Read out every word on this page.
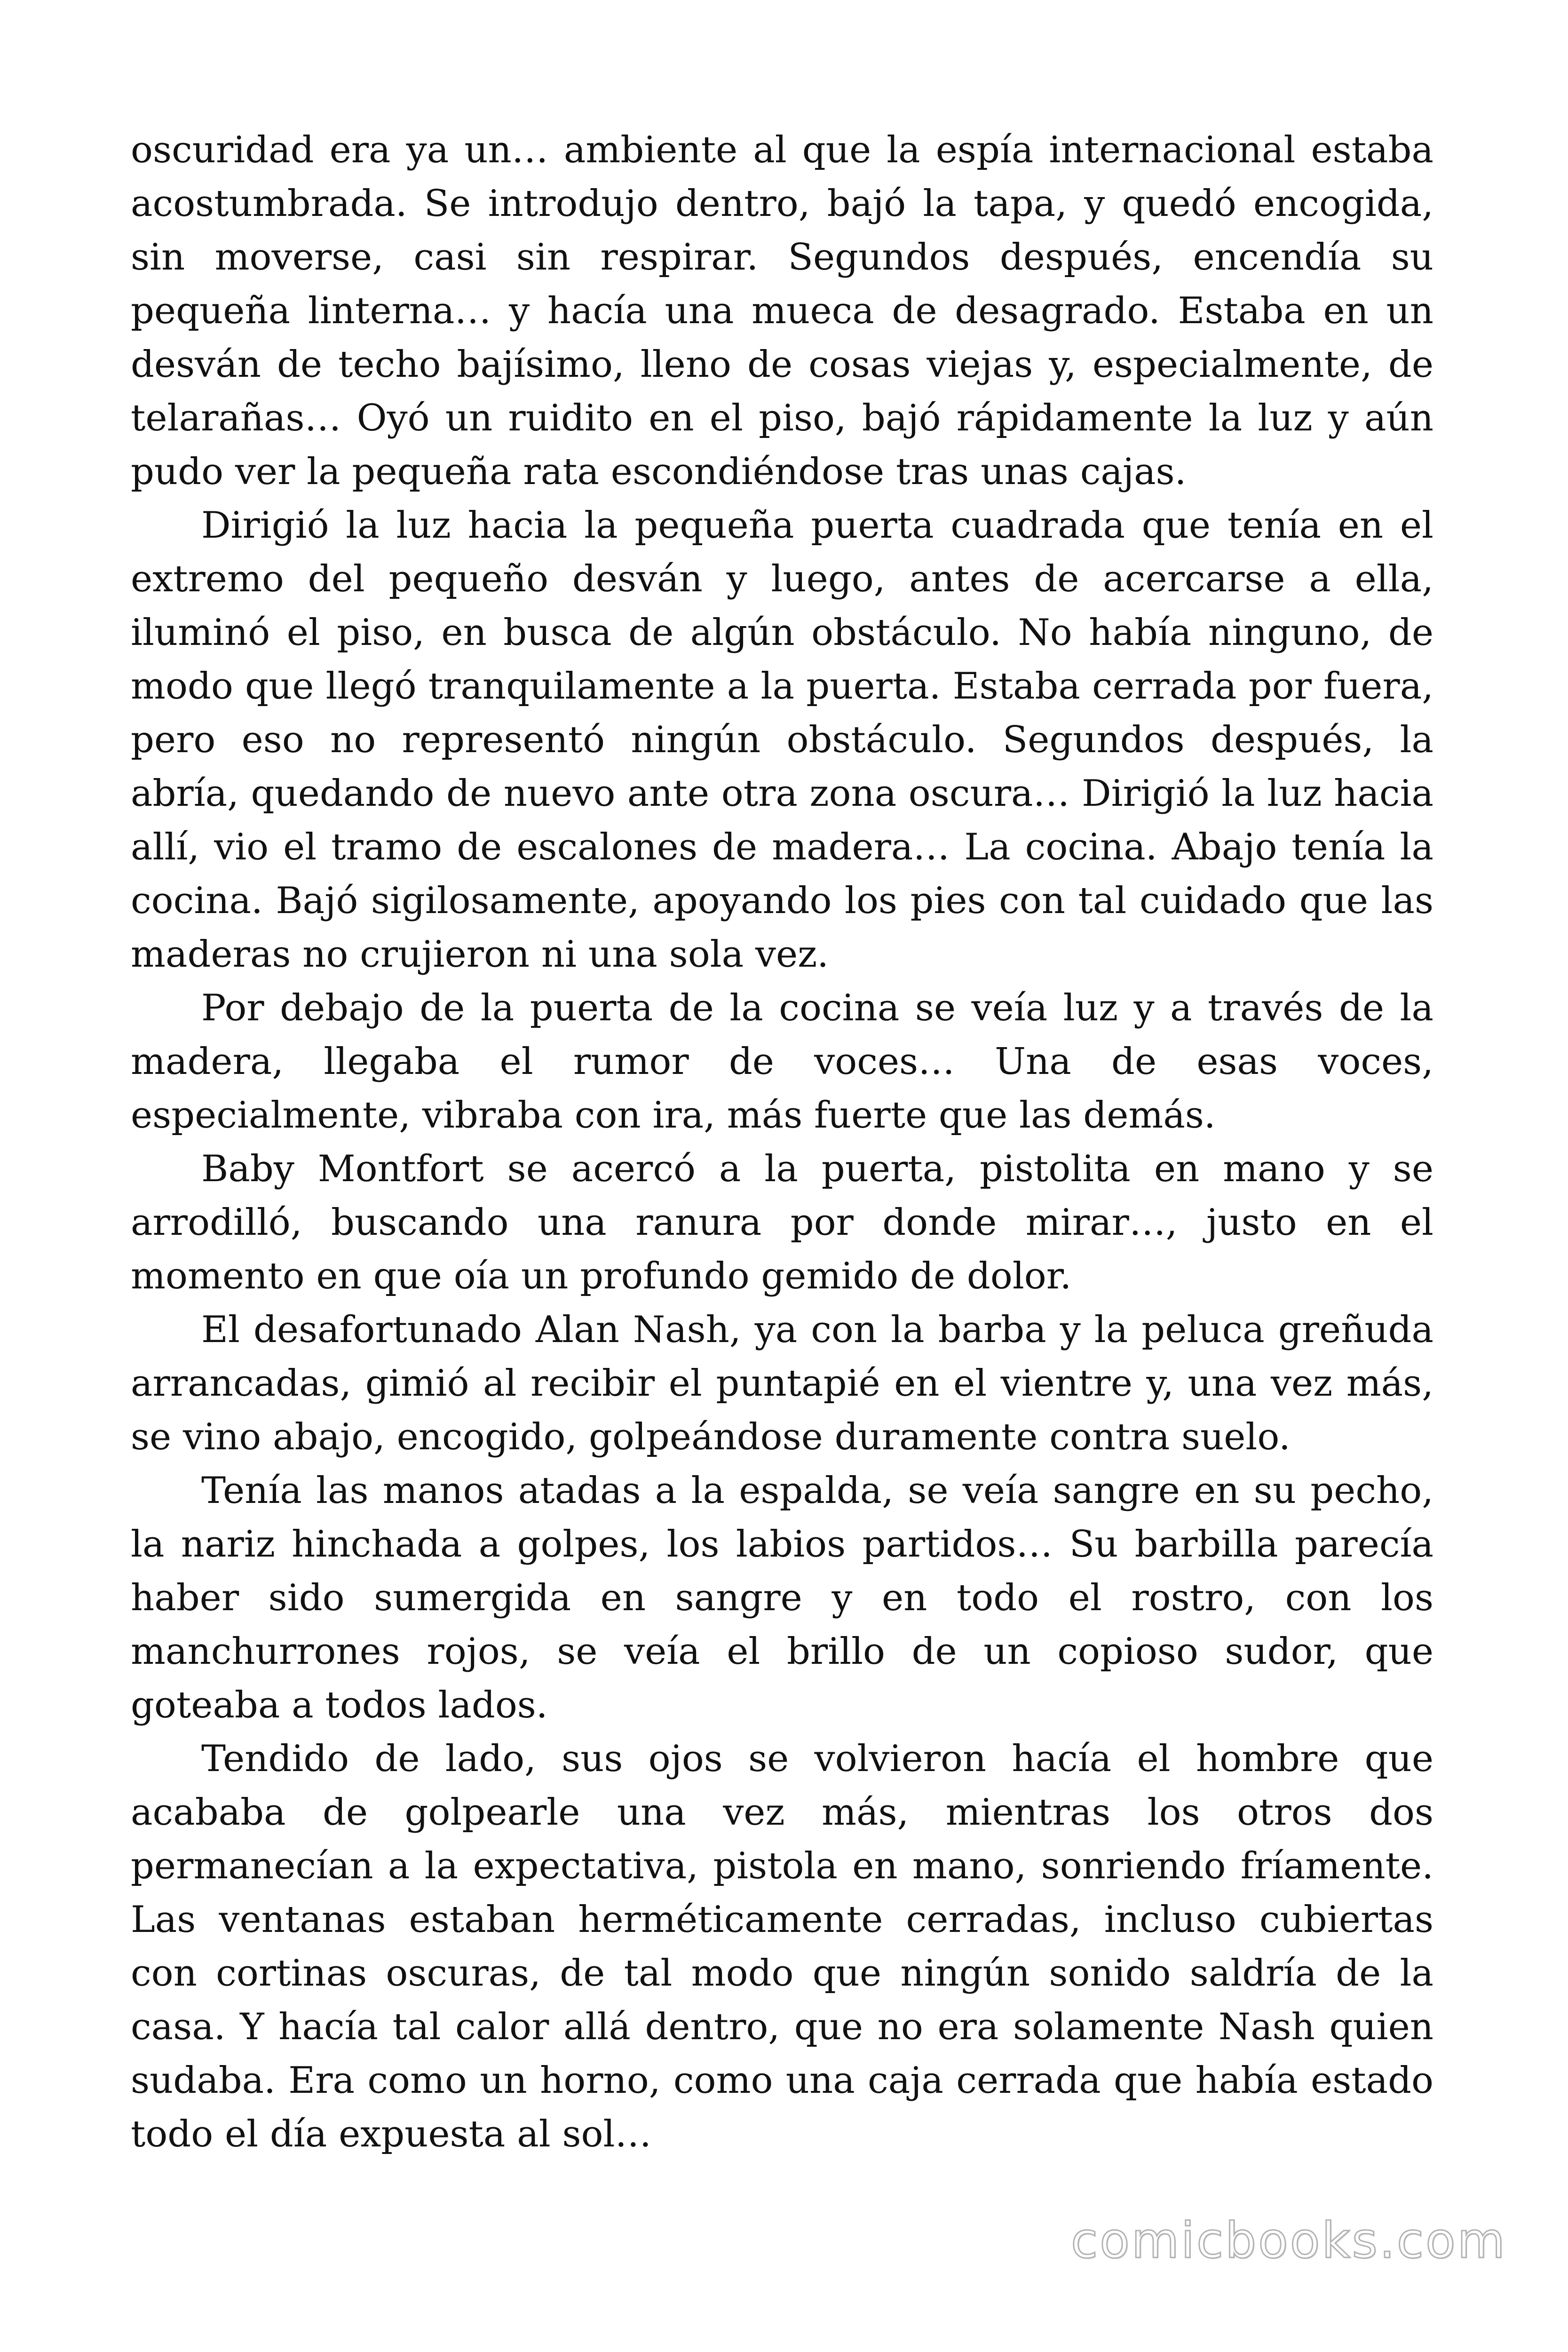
oscuridad era ya un… ambiente al que la espía internacional estaba acostumbrada. Se introdujo dentro, bajó la tapa, y quedó encogida, sin moverse, casi sin respirar. Segundos después, encendía su pequeña linterna… y hacía una mueca de desagrado. Estaba en un desván de techo bajísimo, lleno de cosas viejas y, especialmente, de telarañas… Oyó un ruidito en el piso, bajó rápidamente la luz y aún pudo ver la pequeña rata escondiéndose tras unas cajas.

Dirigió la luz hacia la pequeña puerta cuadrada que tenía en el extremo del pequeño desván y luego, antes de acercarse a ella, iluminó el piso, en busca de algún obstáculo. No había ninguno, de modo que llegó tranquilamente a la puerta. Estaba cerrada por fuera, pero eso no representó ningún obstáculo. Segundos después, la abría, quedando de nuevo ante otra zona oscura… Dirigió la luz hacia allí, vio el tramo de escalones de madera… La cocina. Abajo tenía la cocina. Bajó sigilosamente, apoyando los pies con tal cuidado que las maderas no crujieron ni una sola vez.

Por debajo de la puerta de la cocina se veía luz y a través de la madera, llegaba el rumor de voces… Una de esas voces, especialmente, vibraba con ira, más fuerte que las demás.

Baby Montfort se acercó a la puerta, pistolita en mano y se arrodilló, buscando una ranura por donde mirar…, justo en el momento en que oía un profundo gemido de dolor.

El desafortunado Alan Nash, ya con la barba y la peluca greñuda arrancadas, gimió al recibir el puntapié en el vientre y, una vez más, se vino abajo, encogido, golpeándose duramente contra suelo.

Tenía las manos atadas a la espalda, se veía sangre en su pecho, la nariz hinchada a golpes, los labios partidos… Su barbilla parecía haber sido sumergida en sangre y en todo el rostro, con los manchurrones rojos, se veía el brillo de un copioso sudor, que goteaba a todos lados.

Tendido de lado, sus ojos se volvieron hacía el hombre que acababa de golpearle una vez más, mientras los otros dos permanecían a la expectativa, pistola en mano, sonriendo fríamente. Las ventanas estaban herméticamente cerradas, incluso cubiertas con cortinas oscuras, de tal modo que ningún sonido saldría de la casa. Y hacía tal calor allá dentro, que no era solamente Nash quien sudaba. Era como un horno, como una caja cerrada que había estado todo el día expuesta al sol…

comicbooks.com
